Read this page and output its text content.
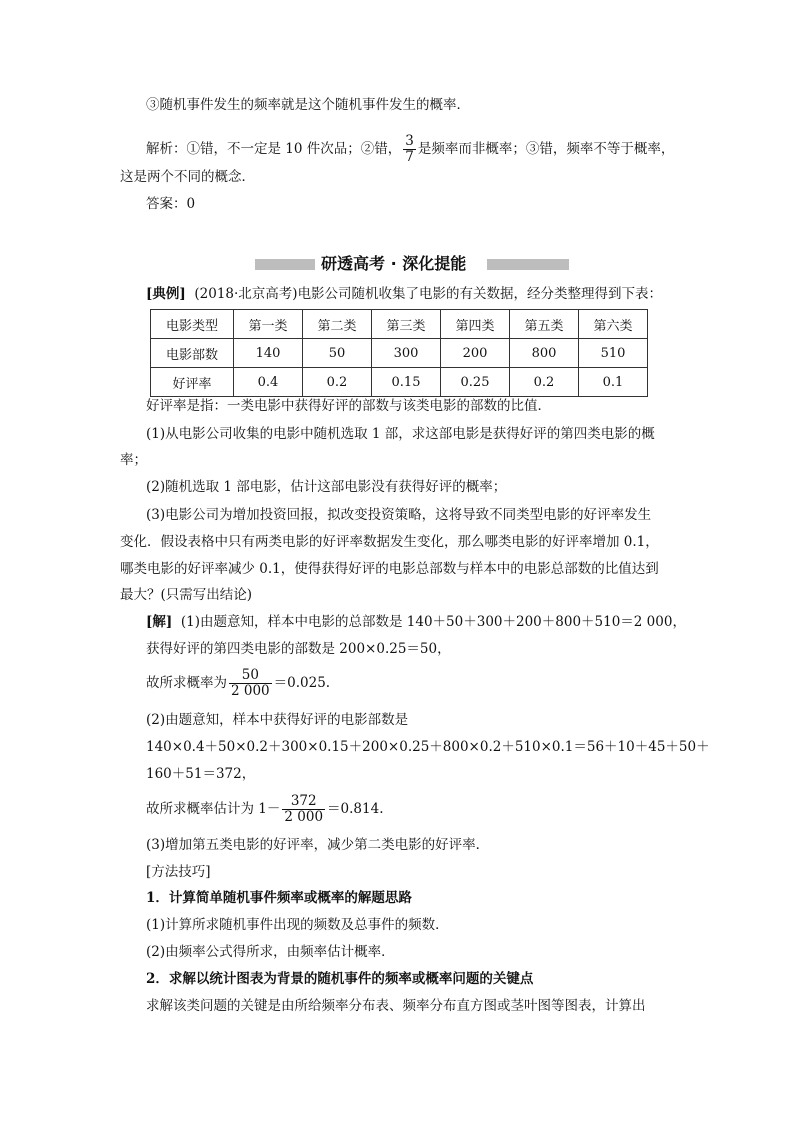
③随机事件发生的频率就是这个随机事件发生的概率．
解析：①错，不一定是 10 件次品；②错， $\frac{3}{7}$ 是频率而非概率；③错，频率不等于概率，
这是两个不同的概念．
答案：0
研透高考 · 深化提能
[典例] (2018·北京高考)电影公司随机收集了电影的有关数据，经分类整理得到下表：
电影类型	第一类	第二类	第三类	第四类	第五类	第六类
电影部数	140	50	300	200	800	510
好评率	0.4	0.2	0.15	0.25	0.2	0.1
好评率是指：一类电影中获得好评的部数与该类电影的部数的比值．
(1)从电影公司收集的电影中随机选取 1 部，求这部电影是获得好评的第四类电影的概
率；
(2)随机选取 1 部电影，估计这部电影没有获得好评的概率；
(3)电影公司为增加投资回报，拟改变投资策略，这将导致不同类型电影的好评率发生
变化．假设表格中只有两类电影的好评率数据发生变化，那么哪类电影的好评率增加 0.1，
哪类电影的好评率减少 0.1，使得获得好评的电影总部数与样本中的电影总部数的比值达到
最大？(只需写出结论)
[解] (1)由题意知，样本中电影的总部数是 140＋50＋300＋200＋800＋510＝2 000，
获得好评的第四类电影的部数是 200×0.25＝50，
故所求概率为 $\frac{50}{2 000} =0.025$.
(2)由题意知，样本中获得好评的电影部数是
140×0.4＋50×0.2＋300×0.15＋200×0.25＋800×0.2＋510×0.1＝56＋10＋45＋50＋
160＋51＝372，
故所求概率估计为 $1- \frac{372}{2 000} =0.814$.
(3)增加第五类电影的好评率，减少第二类电影的好评率．
[方法技巧]
1．计算简单随机事件频率或概率的解题思路
(1)计算所求随机事件出现的频数及总事件的频数．
(2)由频率公式得所求，由频率估计概率．
2．求解以统计图表为背景的随机事件的频率或概率问题的关键点
求解该类问题的关键是由所给频率分布表、频率分布直方图或茎叶图等图表，计算出
